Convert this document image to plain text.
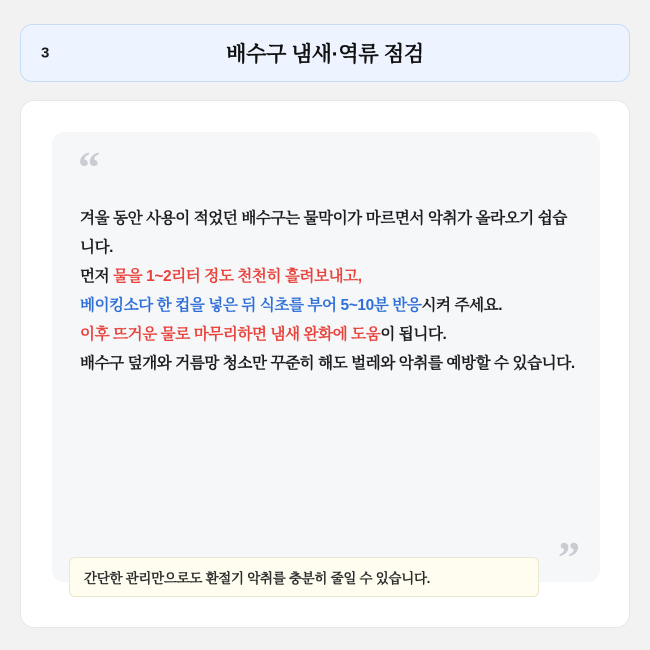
3	배수구 냄새·역류 점검
“

겨울 동안 사용이 적었던 배수구는 물막이가 마르면서 악취가 올라오기 쉽습니다.

먼저 물을 1~2리터 정도 천천히 흘려보내고,

베이킹소다 한 컵을 넣은 뒤 식초를 부어 5~10분 반응시켜 주세요.

이후 뜨거운 물로 마무리하면 냄새 완화에 도움이 됩니다.

배수구 덮개와 거름망 청소만 꾸준히 해도 벌레와 악취를 예방할 수 있습니다.

”
간단한 관리만으로도 환절기 악취를 충분히 줄일 수 있습니다.
